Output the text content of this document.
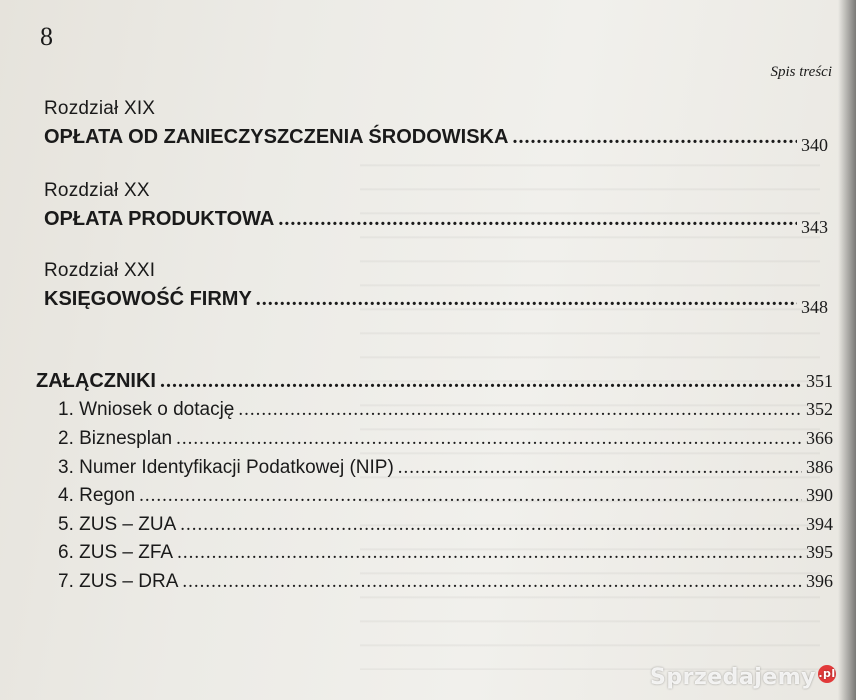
8
Spis treści
Rozdział XIX
OPŁATA OD ZANIECZYSZCZENIA ŚRODOWISKA .....	340
Rozdział XX
OPŁATA PRODUKTOWA .....	343
Rozdział XXI
KSIĘGOWOŚĆ FIRMY .....	348
ZAŁĄCZNIKI .....	351
1. Wniosek o dotację .....	352
2. Biznesplan .....	366
3. Numer Identyfikacji Podatkowej (NIP) .....	386
4. Regon .....	390
5. ZUS – ZUA .....	394
6. ZUS – ZFA .....	395
7. ZUS – DRA .....	396
Sprzedajemy .pl
